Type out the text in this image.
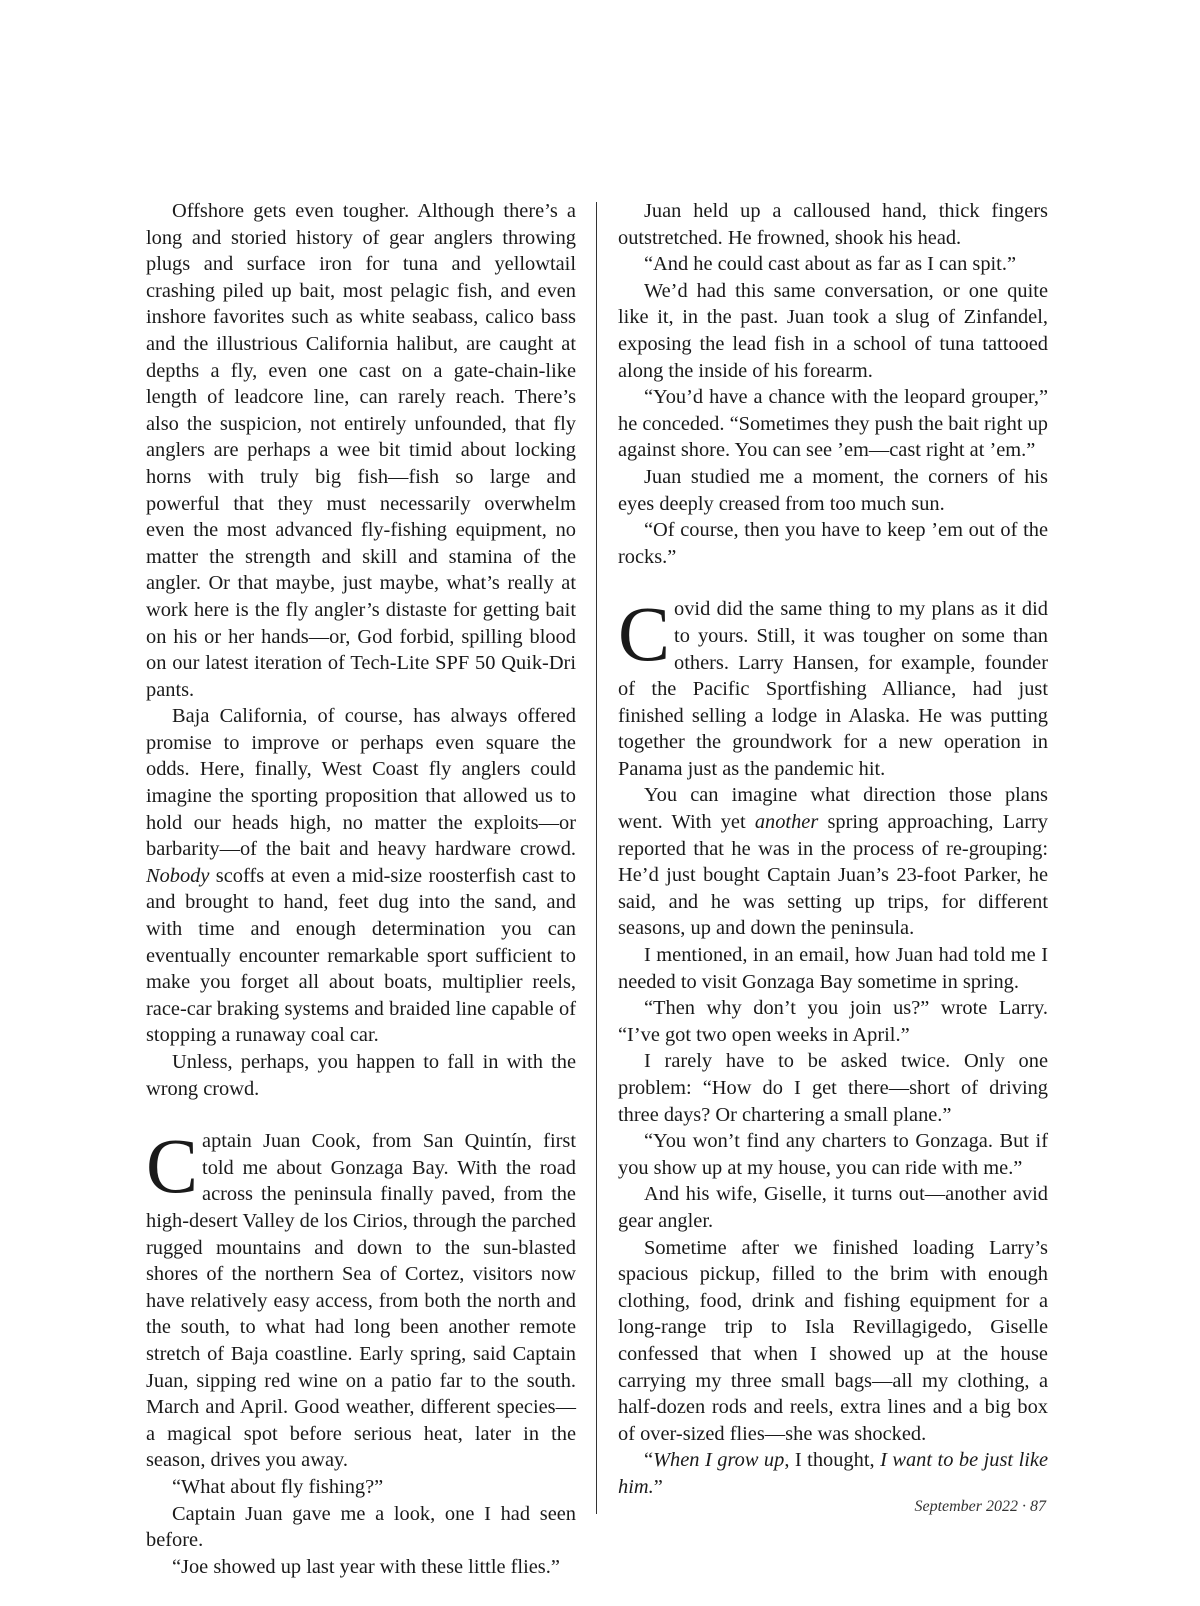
Offshore gets even tougher. Although there’s a long and storied history of gear anglers throwing plugs and surface iron for tuna and yellowtail crashing piled up bait, most pelagic fish, and even inshore favorites such as white seabass, calico bass and the illustrious California halibut, are caught at depths a fly, even one cast on a gate-chain-like length of leadcore line, can rarely reach. There’s also the suspicion, not entirely unfounded, that fly anglers are perhaps a wee bit timid about locking horns with truly big fish—fish so large and powerful that they must necessarily overwhelm even the most advanced fly-fishing equipment, no matter the strength and skill and stamina of the angler. Or that maybe, just maybe, what’s really at work here is the fly angler’s distaste for getting bait on his or her hands—or, God forbid, spilling blood on our latest iteration of Tech-Lite SPF 50 Quik-Dri pants.

Baja California, of course, has always offered promise to improve or perhaps even square the odds. Here, finally, West Coast fly anglers could imagine the sporting proposition that allowed us to hold our heads high, no matter the exploits—or barbarity—of the bait and heavy hardware crowd. Nobody scoffs at even a mid-size roosterfish cast to and brought to hand, feet dug into the sand, and with time and enough determination you can eventually encounter remarkable sport sufficient to make you forget all about boats, multiplier reels, race-car braking systems and braided line capable of stopping a runaway coal car.

Unless, perhaps, you happen to fall in with the wrong crowd.

Captain Juan Cook, from San Quintín, first told me about Gonzaga Bay. With the road across the peninsula finally paved, from the high-desert Valley de los Cirios, through the parched rugged mountains and down to the sun-blasted shores of the northern Sea of Cortez, visitors now have relatively easy access, from both the north and the south, to what had long been another remote stretch of Baja coastline. Early spring, said Captain Juan, sipping red wine on a patio far to the south. March and April. Good weather, different species—a magical spot before serious heat, later in the season, drives you away.

“What about fly fishing?”

Captain Juan gave me a look, one I had seen before.

“Joe showed up last year with these little flies.”

Juan held up a calloused hand, thick fingers outstretched. He frowned, shook his head.

“And he could cast about as far as I can spit.”

We’d had this same conversation, or one quite like it, in the past. Juan took a slug of Zinfandel, exposing the lead fish in a school of tuna tattooed along the inside of his forearm.

“You’d have a chance with the leopard grouper,” he conceded. “Sometimes they push the bait right up against shore. You can see ’em—cast right at ’em.”

Juan studied me a moment, the corners of his eyes deeply creased from too much sun.

“Of course, then you have to keep ’em out of the rocks.”

Covid did the same thing to my plans as it did to yours. Still, it was tougher on some than others. Larry Hansen, for example, founder of the Pacific Sportfishing Alliance, had just finished selling a lodge in Alaska. He was putting together the groundwork for a new operation in Panama just as the pandemic hit.

You can imagine what direction those plans went. With yet another spring approaching, Larry reported that he was in the process of re-grouping: He’d just bought Captain Juan’s 23-foot Parker, he said, and he was setting up trips, for different seasons, up and down the peninsula.

I mentioned, in an email, how Juan had told me I needed to visit Gonzaga Bay sometime in spring.

“Then why don’t you join us?” wrote Larry. “I’ve got two open weeks in April.”

I rarely have to be asked twice. Only one problem: “How do I get there—short of driving three days? Or chartering a small plane.”

“You won’t find any charters to Gonzaga. But if you show up at my house, you can ride with me.”

And his wife, Giselle, it turns out—another avid gear angler.

Sometime after we finished loading Larry’s spacious pickup, filled to the brim with enough clothing, food, drink and fishing equipment for a long-range trip to Isla Revillagigedo, Giselle confessed that when I showed up at the house carrying my three small bags—all my clothing, a half-dozen rods and reels, extra lines and a big box of over-sized flies—she was shocked.

“When I grow up, I thought, I want to be just like him.”

September 2022 · 87
